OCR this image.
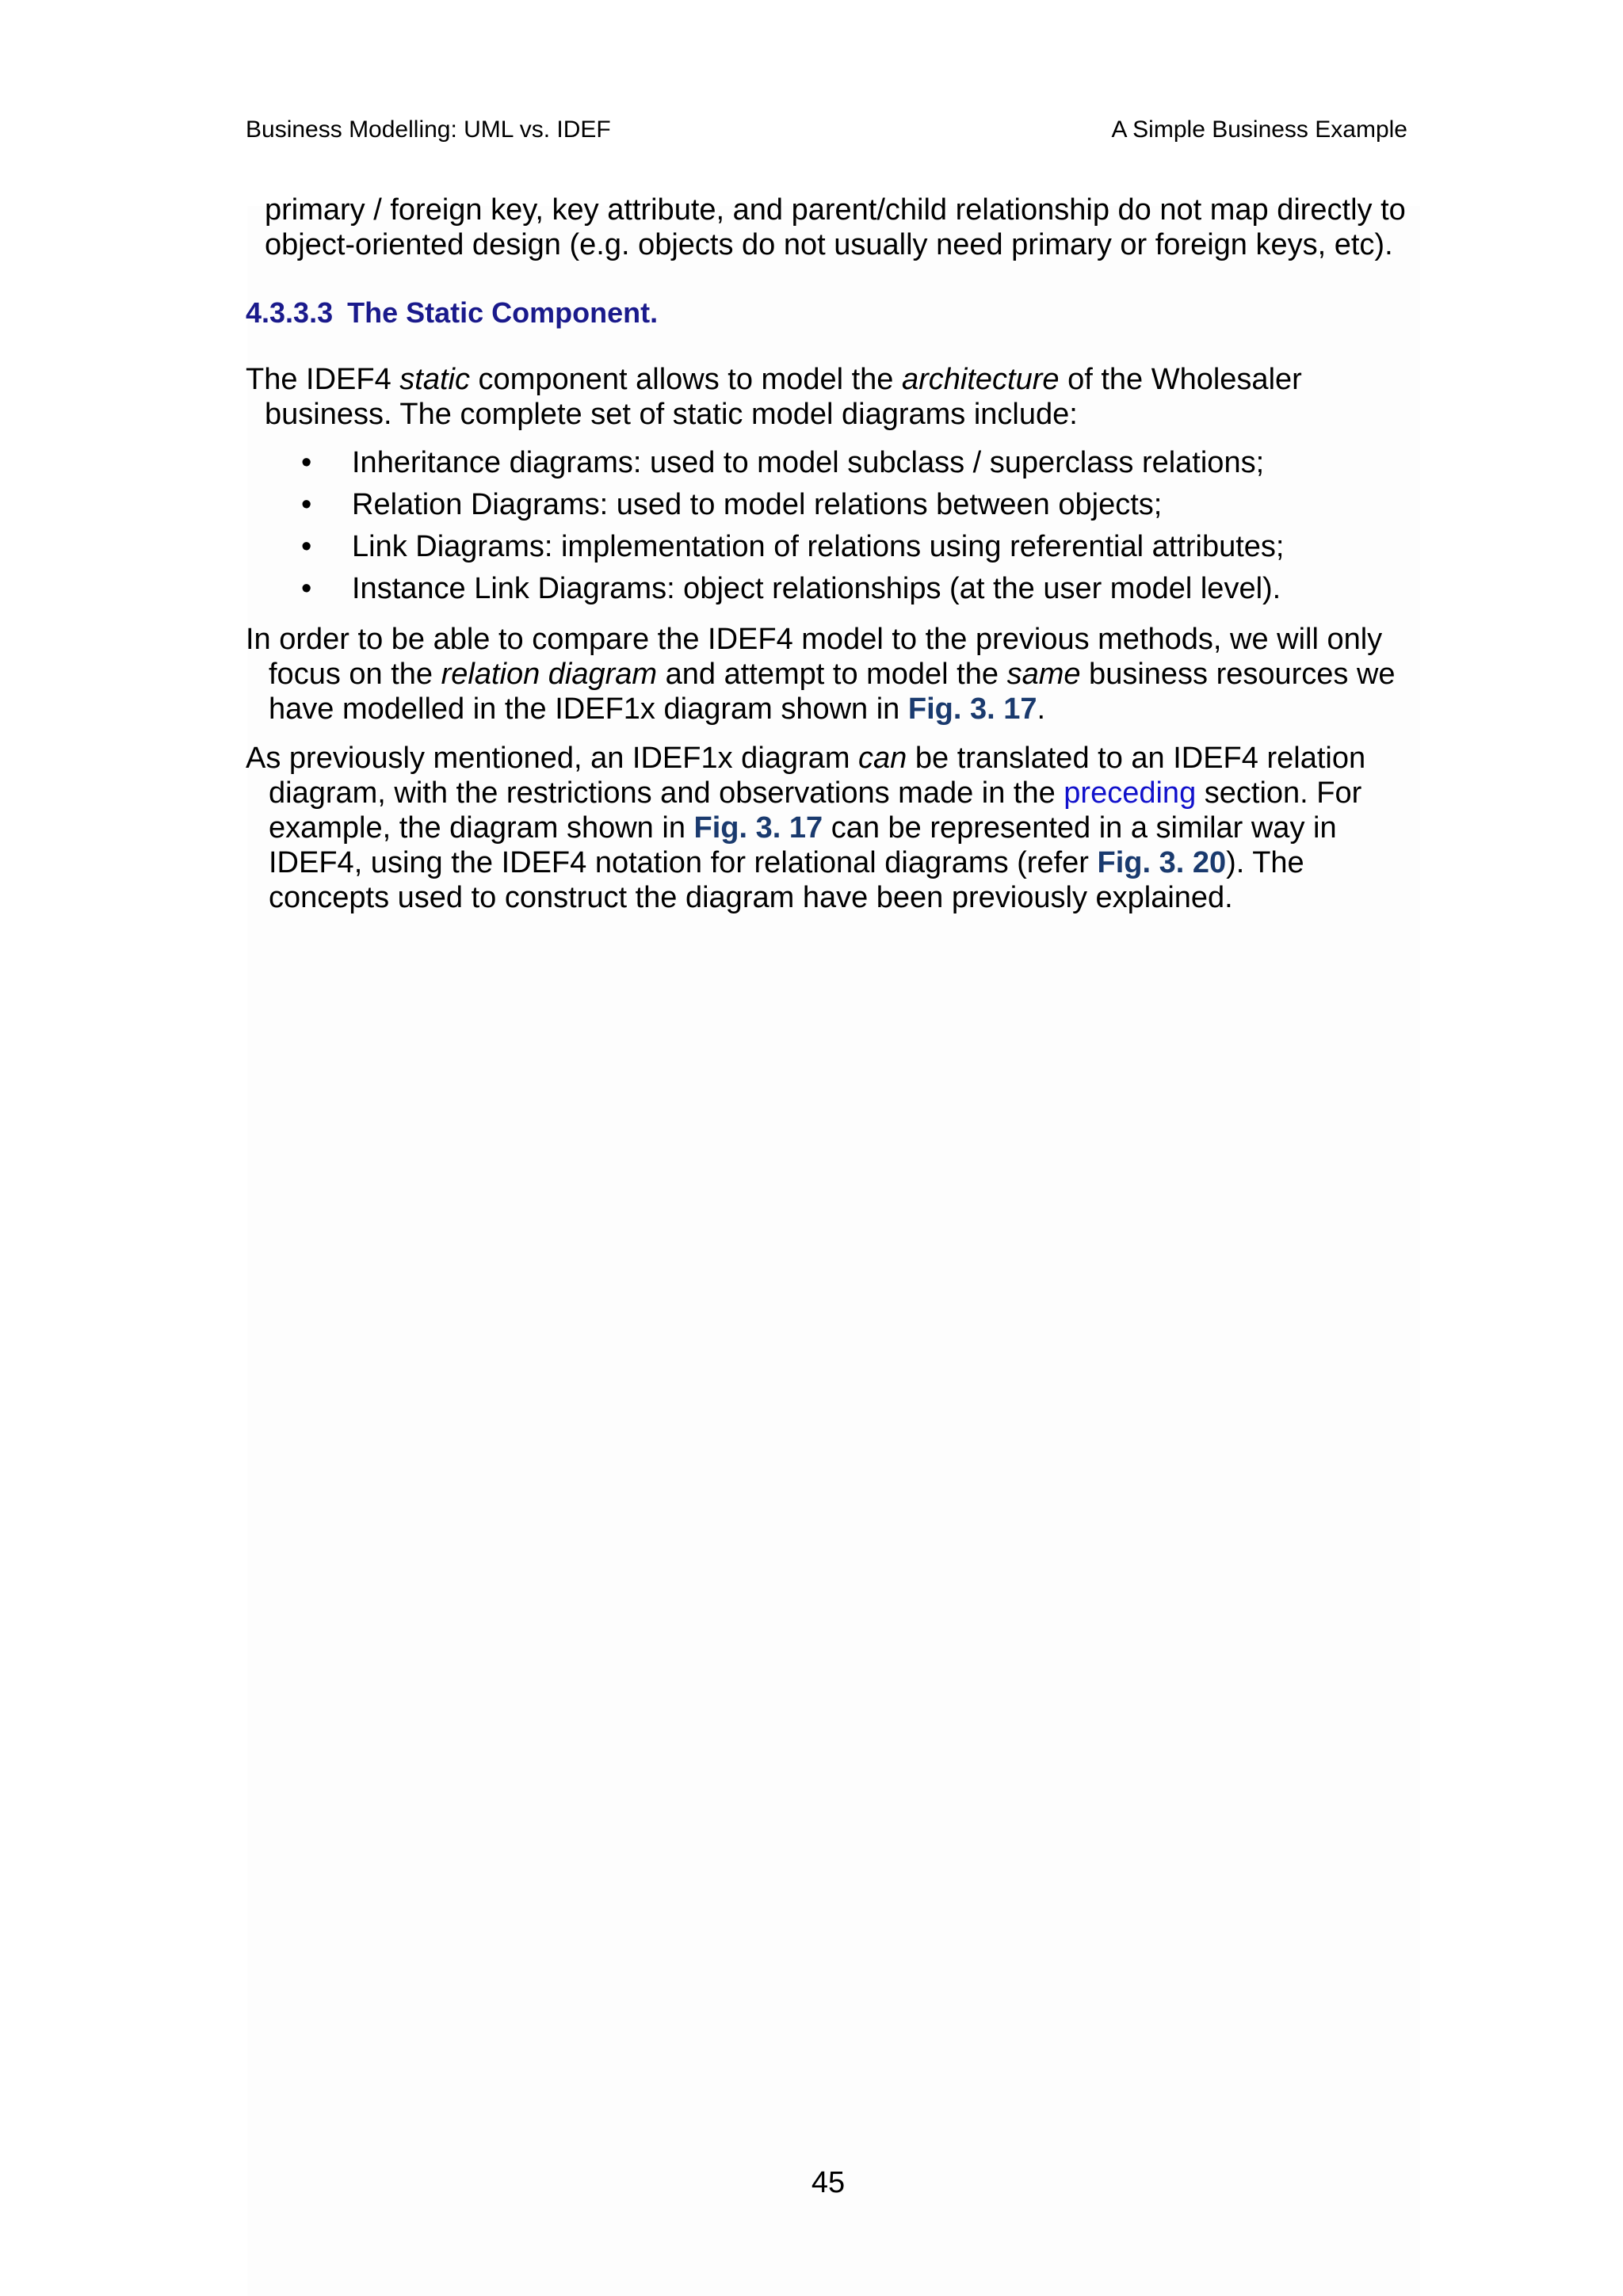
Business Modelling: UML vs. IDEF	A Simple Business Example
primary / foreign key, key attribute, and parent/child relationship do not map directly to
object-oriented design (e.g. objects do not usually need primary or foreign keys, etc).
4.3.3.3 The Static Component.
The IDEF4 static component allows to model the architecture of the Wholesaler
business. The complete set of static model diagrams include:
• Inheritance diagrams: used to model subclass / superclass relations;
• Relation Diagrams: used to model relations between objects;
• Link Diagrams: implementation of relations using referential attributes;
• Instance Link Diagrams: object relationships (at the user model level).
In order to be able to compare the IDEF4 model to the previous methods, we will only
focus on the relation diagram and attempt to model the same business resources we
have modelled in the IDEF1x diagram shown in Fig. 3. 17.
As previously mentioned, an IDEF1x diagram can be translated to an IDEF4 relation
diagram, with the restrictions and observations made in the preceding section. For
example, the diagram shown in Fig. 3. 17 can be represented in a similar way in
IDEF4, using the IDEF4 notation for relational diagrams (refer Fig. 3. 20). The
concepts used to construct the diagram have been previously explained.
45
